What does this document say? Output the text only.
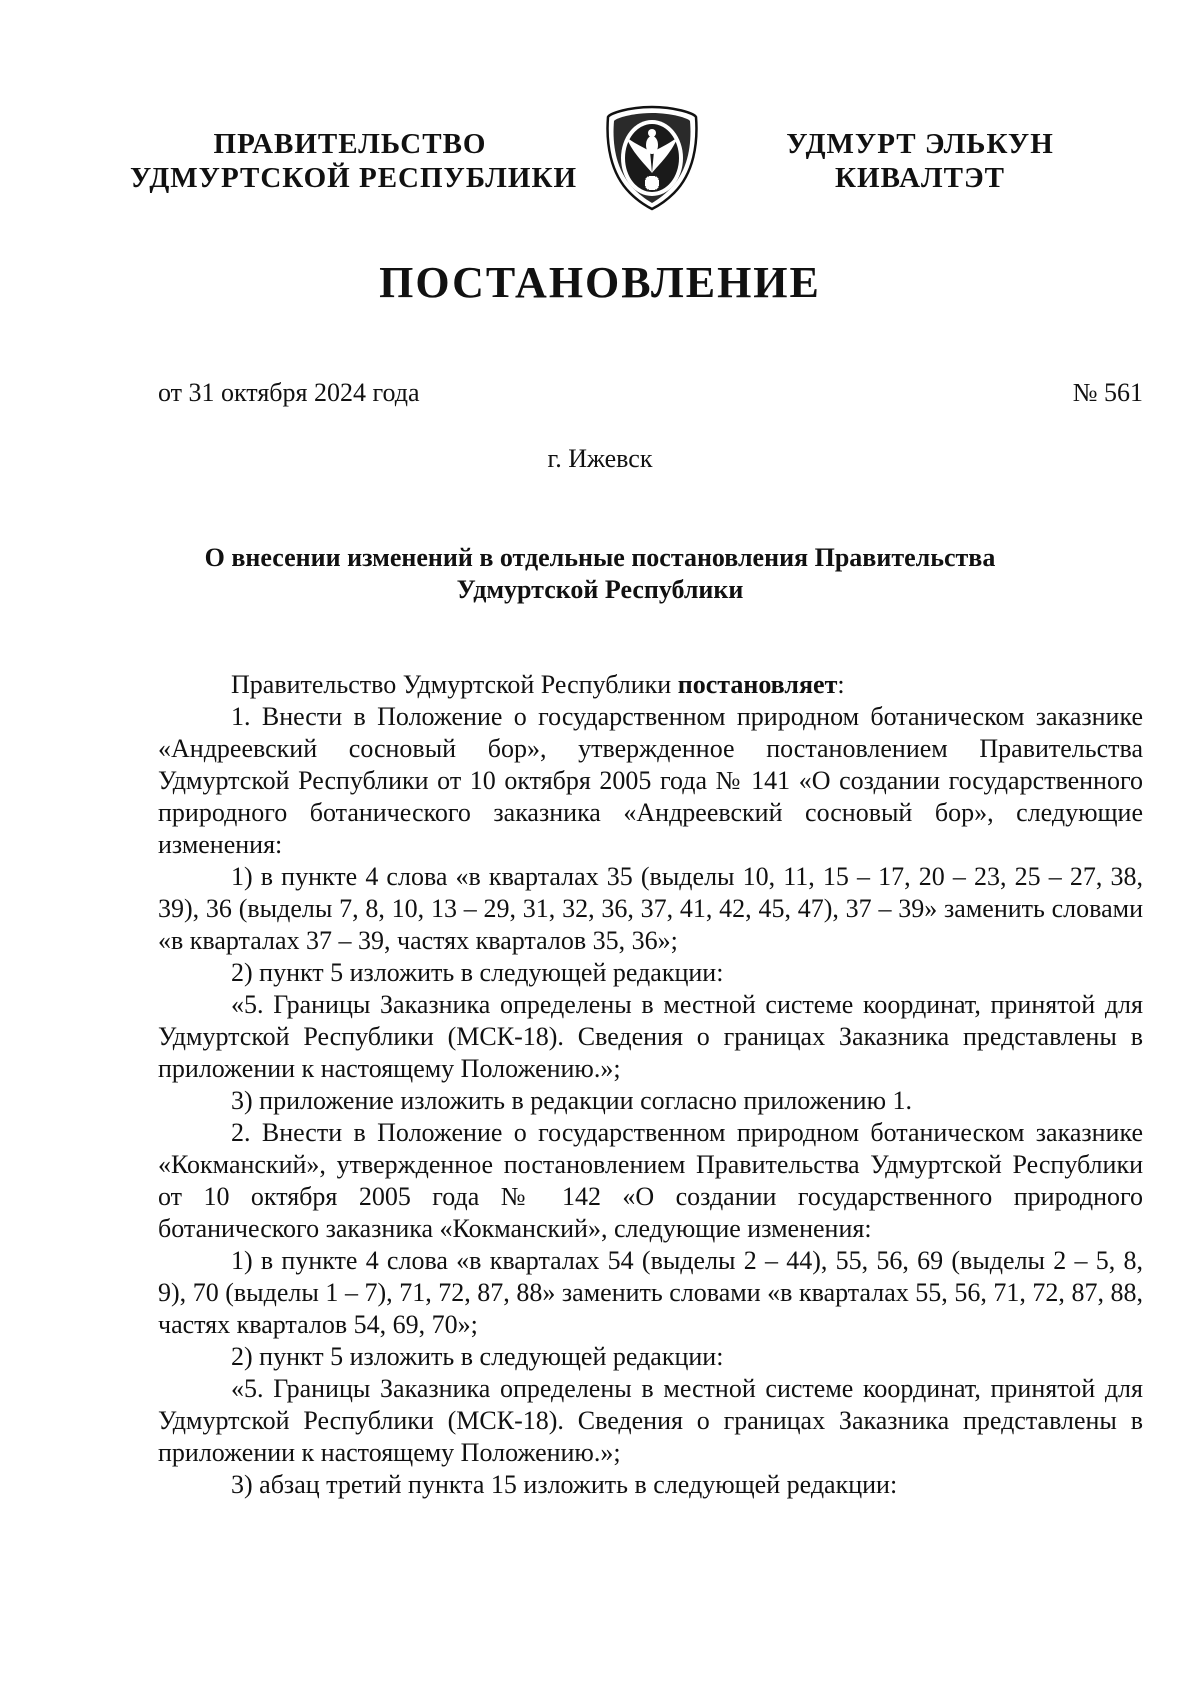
ПРАВИТЕЛЬСТВО
УДМУРТСКОЙ РЕСПУБЛИКИ
УДМУРТ ЭЛЬКУН
КИВАЛТЭТ
ПОСТАНОВЛЕНИЕ
от 31 октября 2024 года	№ 561
г. Ижевск
О внесении изменений в отдельные постановления Правительства
Удмуртской Республики

Правительство Удмуртской Республики постановляет:

1. Внести в Положение о государственном природном ботаническом заказнике «Андреевский сосновый бор», утвержденное постановлением Правительства Удмуртской Республики от 10 октября 2005 года № 141 «О создании государственного природного ботанического заказника «Андреевский сосновый бор», следующие изменения:

1) в пункте 4 слова «в кварталах 35 (выделы 10, 11, 15 – 17, 20 – 23, 25 – 27, 38, 39), 36 (выделы 7, 8, 10, 13 – 29, 31, 32, 36, 37, 41, 42, 45, 47), 37 – 39» заменить словами «в кварталах 37 – 39, частях кварталов 35, 36»;

2) пункт 5 изложить в следующей редакции:

«5. Границы Заказника определены в местной системе координат, принятой для Удмуртской Республики (МСК-18). Сведения о границах Заказника представлены в приложении к настоящему Положению.»;

3) приложение изложить в редакции согласно приложению 1.

2. Внести в Положение о государственном природном ботаническом заказнике «Кокманский», утвержденное постановлением Правительства Удмуртской Республики от 10 октября 2005 года № 142 «О создании государственного природного ботанического заказника «Кокманский», следующие изменения:

1) в пункте 4 слова «в кварталах 54 (выделы 2 – 44), 55, 56, 69 (выделы 2 – 5, 8, 9), 70 (выделы 1 – 7), 71, 72, 87, 88» заменить словами «в кварталах 55, 56, 71, 72, 87, 88, частях кварталов 54, 69, 70»;

2) пункт 5 изложить в следующей редакции:

«5. Границы Заказника определены в местной системе координат, принятой для Удмуртской Республики (МСК-18). Сведения о границах Заказника представлены в приложении к настоящему Положению.»;

3) абзац третий пункта 15 изложить в следующей редакции:
